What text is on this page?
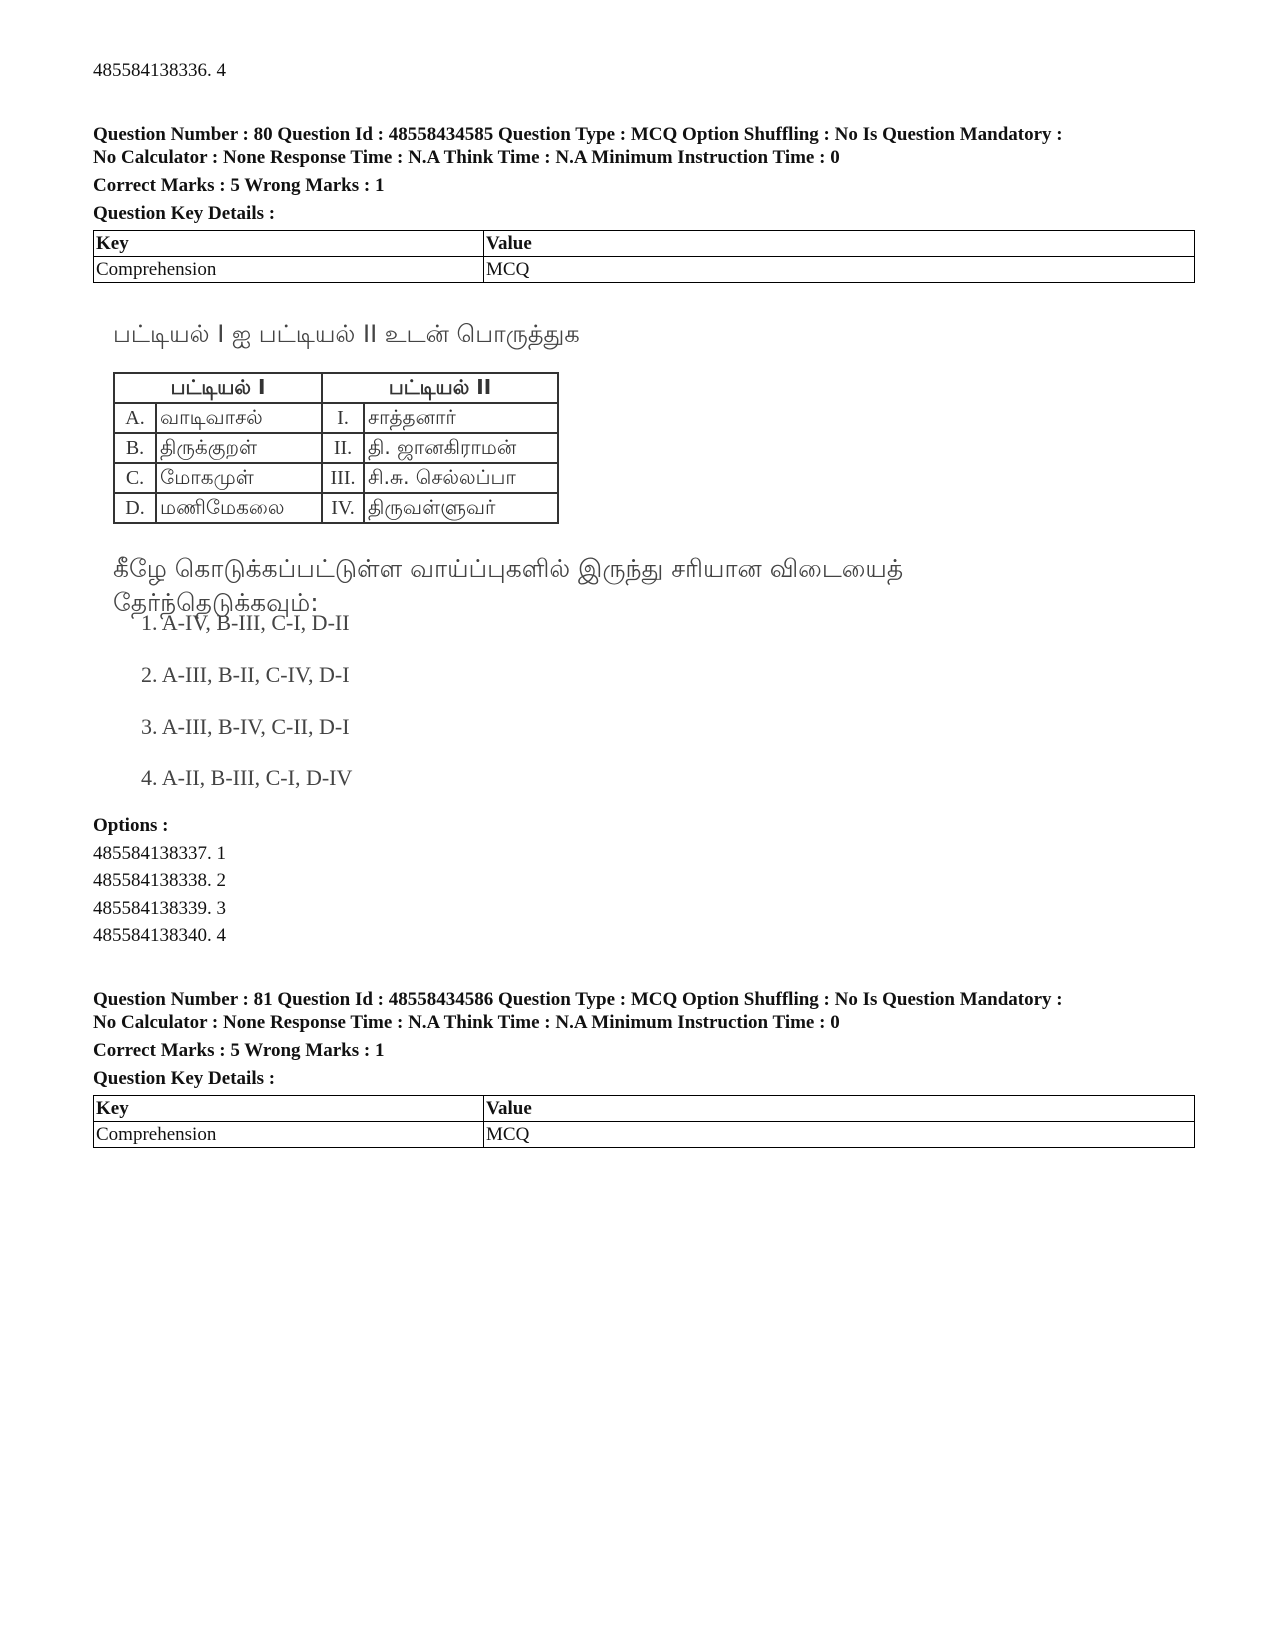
485584138336. 4
Question Number : 80 Question Id : 48558434585 Question Type : MCQ Option Shuffling : No Is Question Mandatory :
No Calculator : None Response Time : N.A Think Time : N.A Minimum Instruction Time : 0
Correct Marks : 5 Wrong Marks : 1
Question Key Details :
Key	Value
Comprehension	MCQ
பட்டியல் I ஐ பட்டியல் II உடன் பொருத்துக
பட்டியல் I		பட்டியல் II	
A.	வாடிவாசல்	I.	சாத்தனார்
B.	திருக்குறள்	II.	தி. ஜானகிராமன்
C.	மோகமுள்	III.	சி.சு. செல்லப்பா
D.	மணிமேகலை	IV.	திருவள்ளுவர்
கீழே கொடுக்கப்பட்டுள்ள வாய்ப்புகளில் இருந்து சரியான விடையைத்
தேர்ந்தெடுக்கவும்:
1. A-IV, B-III, C-I, D-II
2. A-III, B-II, C-IV, D-I
3. A-III, B-IV, C-II, D-I
4. A-II, B-III, C-I, D-IV
Options :
485584138337. 1
485584138338. 2
485584138339. 3
485584138340. 4
Question Number : 81 Question Id : 48558434586 Question Type : MCQ Option Shuffling : No Is Question Mandatory :
No Calculator : None Response Time : N.A Think Time : N.A Minimum Instruction Time : 0
Correct Marks : 5 Wrong Marks : 1
Question Key Details :
Key	Value
Comprehension	MCQ
